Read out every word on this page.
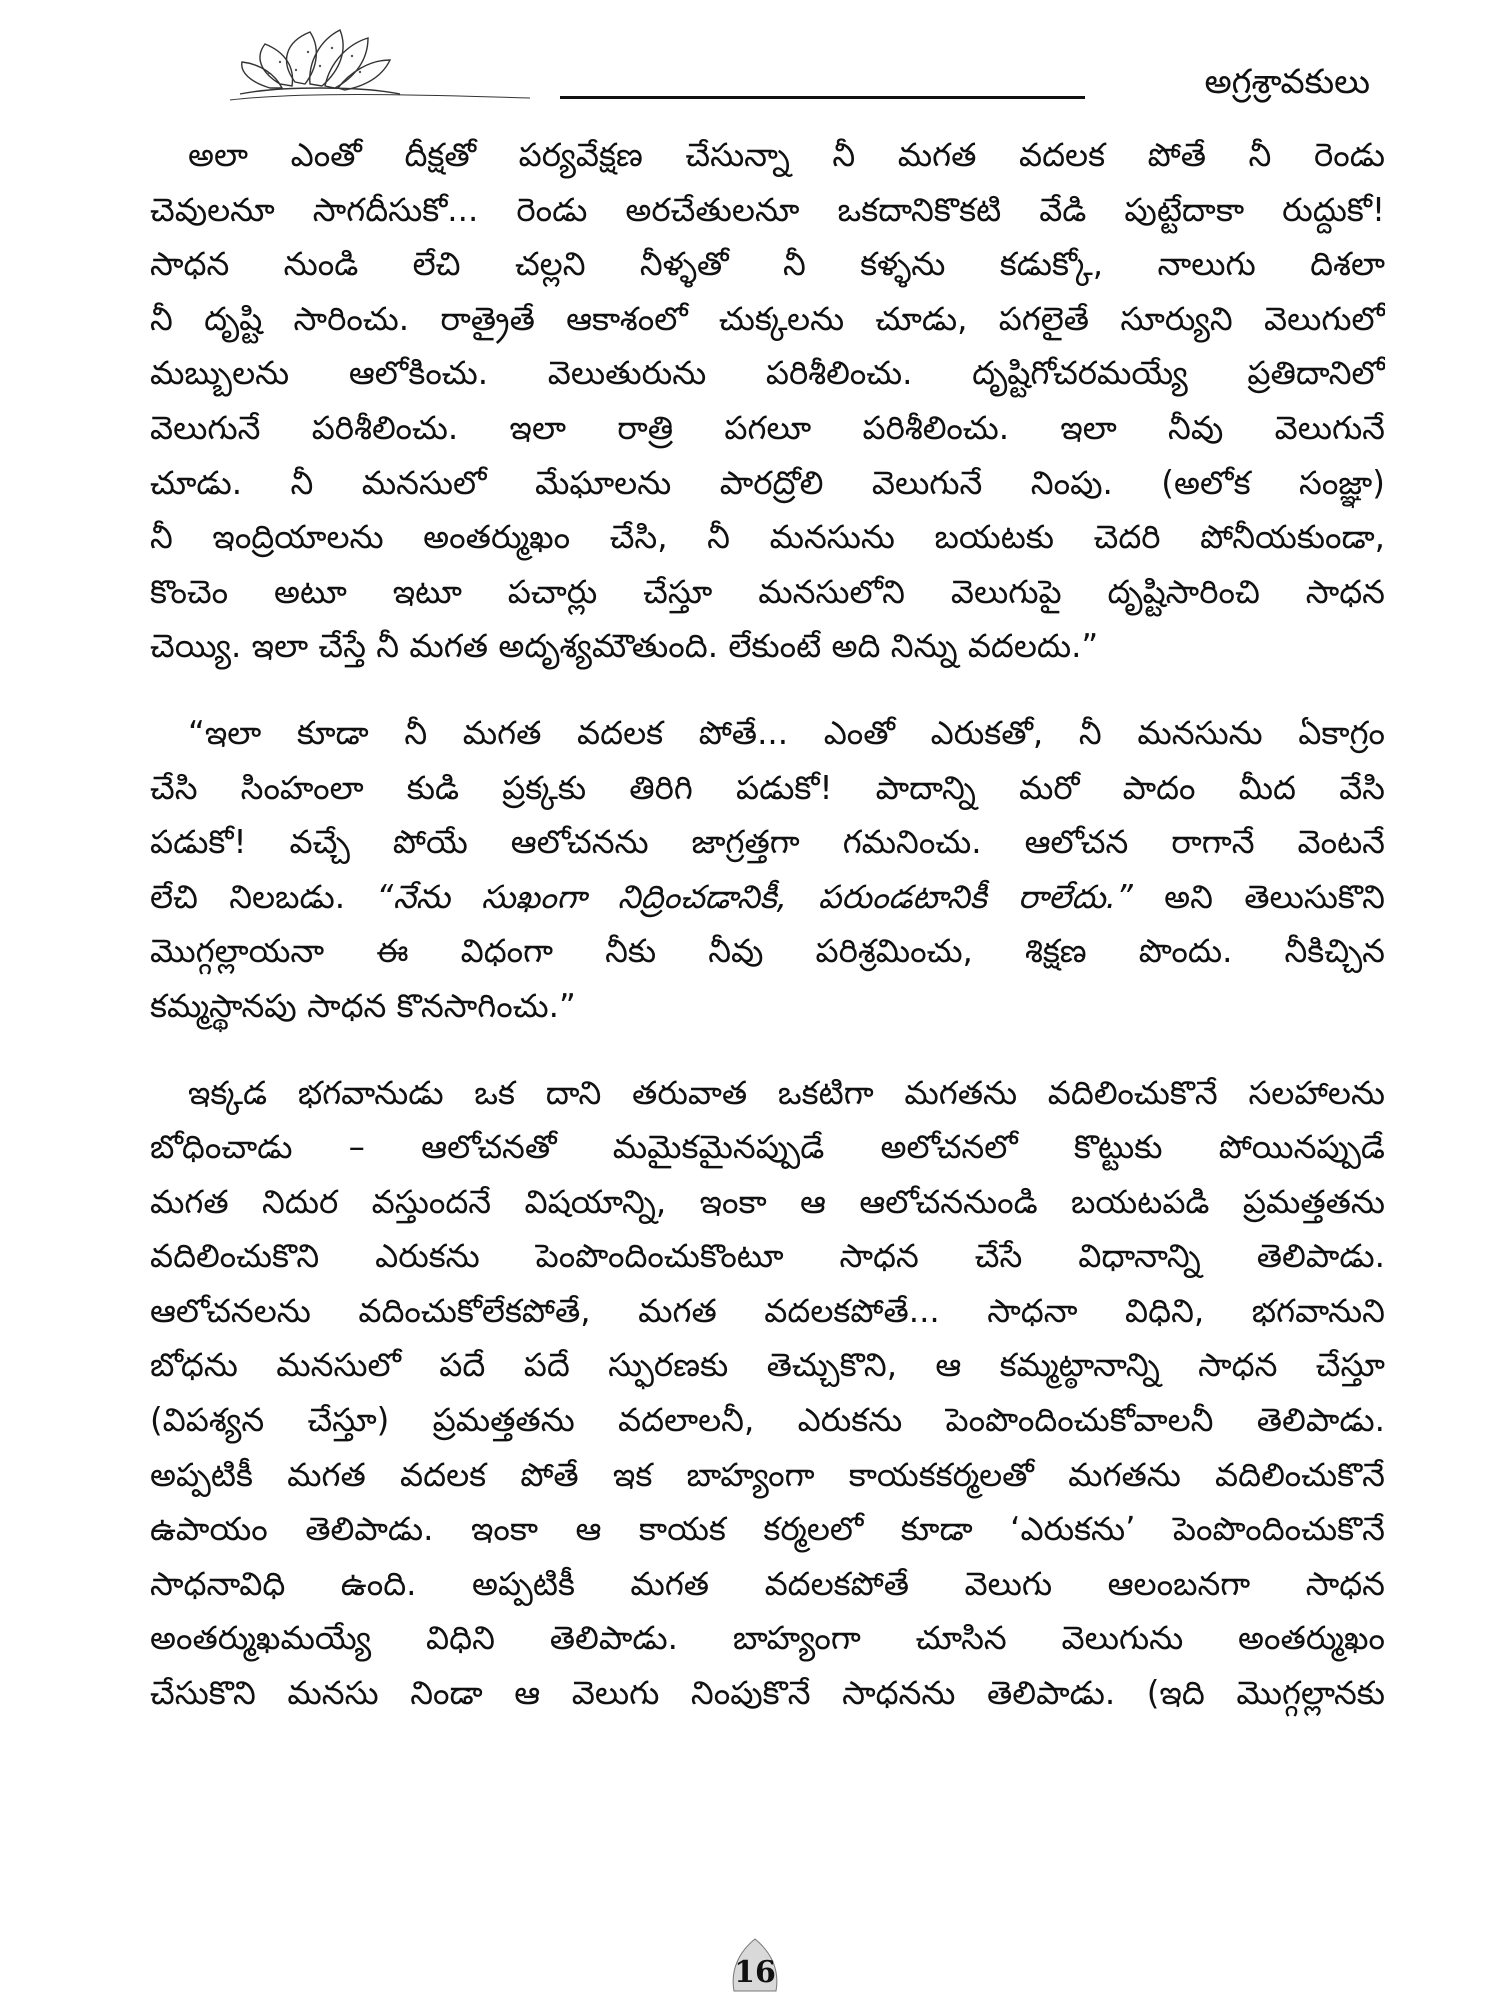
అగ్రశ్రావకులు
అలా ఎంతో దీక్షతో పర్యవేక్షణ చేసున్నా నీ మగత వదలక పోతే నీ రెండు
చెవులనూ సాగదీసుకో... రెండు అరచేతులనూ ఒకదానికొకటి వేడి పుట్టేదాకా రుద్దుకో!
సాధన నుండి లేచి చల్లని నీళ్ళతో నీ కళ్ళను కడుక్కో, నాలుగు దిశలా
నీ దృష్టి సారించు. రాత్రైతే ఆకాశంలో చుక్కలను చూడు, పగలైతే సూర్యుని వెలుగులో
మబ్బులను ఆలోకించు. వెలుతురును పరిశీలించు. దృష్టిగోచరమయ్యే ప్రతిదానిలో
వెలుగునే పరిశీలించు. ఇలా రాత్రి పగలూ పరిశీలించు. ఇలా నీవు వెలుగునే
చూడు. నీ మనసులో మేఘాలను పారద్రోలి వెలుగునే నింపు. (అలోక సంజ్ఞా)
నీ ఇంద్రియాలను అంతర్ముఖం చేసి, నీ మనసును బయటకు చెదరి పోనీయకుండా,
కొంచెం అటూ ఇటూ పచార్లు చేస్తూ మనసులోని వెలుగుపై దృష్టిసారించి సాధన
చెయ్యి. ఇలా చేస్తే నీ మగత అదృశ్యమౌతుంది. లేకుంటే అది నిన్ను వదలదు.”
“ఇలా కూడా నీ మగత వదలక పోతే... ఎంతో ఎరుకతో, నీ మనసును ఏకాగ్రం
చేసి సింహంలా కుడి ప్రక్కకు తిరిగి పడుకో! పాదాన్ని మరో పాదం మీద వేసి
పడుకో! వచ్చే పోయే ఆలోచనను జాగ్రత్తగా గమనించు. ఆలోచన రాగానే వెంటనే
లేచి నిలబడు. “నేను సుఖంగా నిద్రించడానికీ, పరుండటానికీ రాలేదు.” అని తెలుసుకొని
మొగ్గల్లాయనా ఈ విధంగా నీకు నీవు పరిశ్రమించు, శిక్షణ పొందు. నీకిచ్చిన
కమ్మస్థానపు సాధన కొనసాగించు.”
ఇక్కడ భగవానుడు ఒక దాని తరువాత ఒకటిగా మగతను వదిలించుకొనే సలహాలను
బోధించాడు – ఆలోచనతో మమైకమైనప్పుడే అలోచనలో కొట్టుకు పోయినప్పుడే
మగత నిదుర వస్తుందనే విషయాన్ని, ఇంకా ఆ ఆలోచననుండి బయటపడి ప్రమత్తతను
వదిలించుకొని ఎరుకను పెంపొందించుకొంటూ సాధన చేసే విధానాన్ని తెలిపాడు.
ఆలోచనలను వదించుకోలేకపోతే, మగత వదలకపోతే... సాధనా విధిని, భగవానుని
బోధను మనసులో పదే పదే స్ఫురణకు తెచ్చుకొని, ఆ కమ్మట్ఠానాన్ని సాధన చేస్తూ
(విపశ్యన చేస్తూ) ప్రమత్తతను వదలాలనీ, ఎరుకను పెంపొందించుకోవాలనీ తెలిపాడు.
అప్పటికీ మగత వదలక పోతే ఇక బాహ్యంగా కాయకకర్మలతో మగతను వదిలించుకొనే
ఉపాయం తెలిపాడు. ఇంకా ఆ కాయక కర్మలలో కూడా ‘ఎరుకను’ పెంపొందించుకొనే
సాధనావిధి ఉంది. అప్పటికీ మగత వదలకపోతే వెలుగు ఆలంబనగా సాధన
అంతర్ముఖమయ్యే విధిని తెలిపాడు. బాహ్యంగా చూసిన వెలుగును అంతర్ముఖం
చేసుకొని మనసు నిండా ఆ వెలుగు నింపుకొనే సాధనను తెలిపాడు. (ఇది మొగ్గల్లానకు
16
